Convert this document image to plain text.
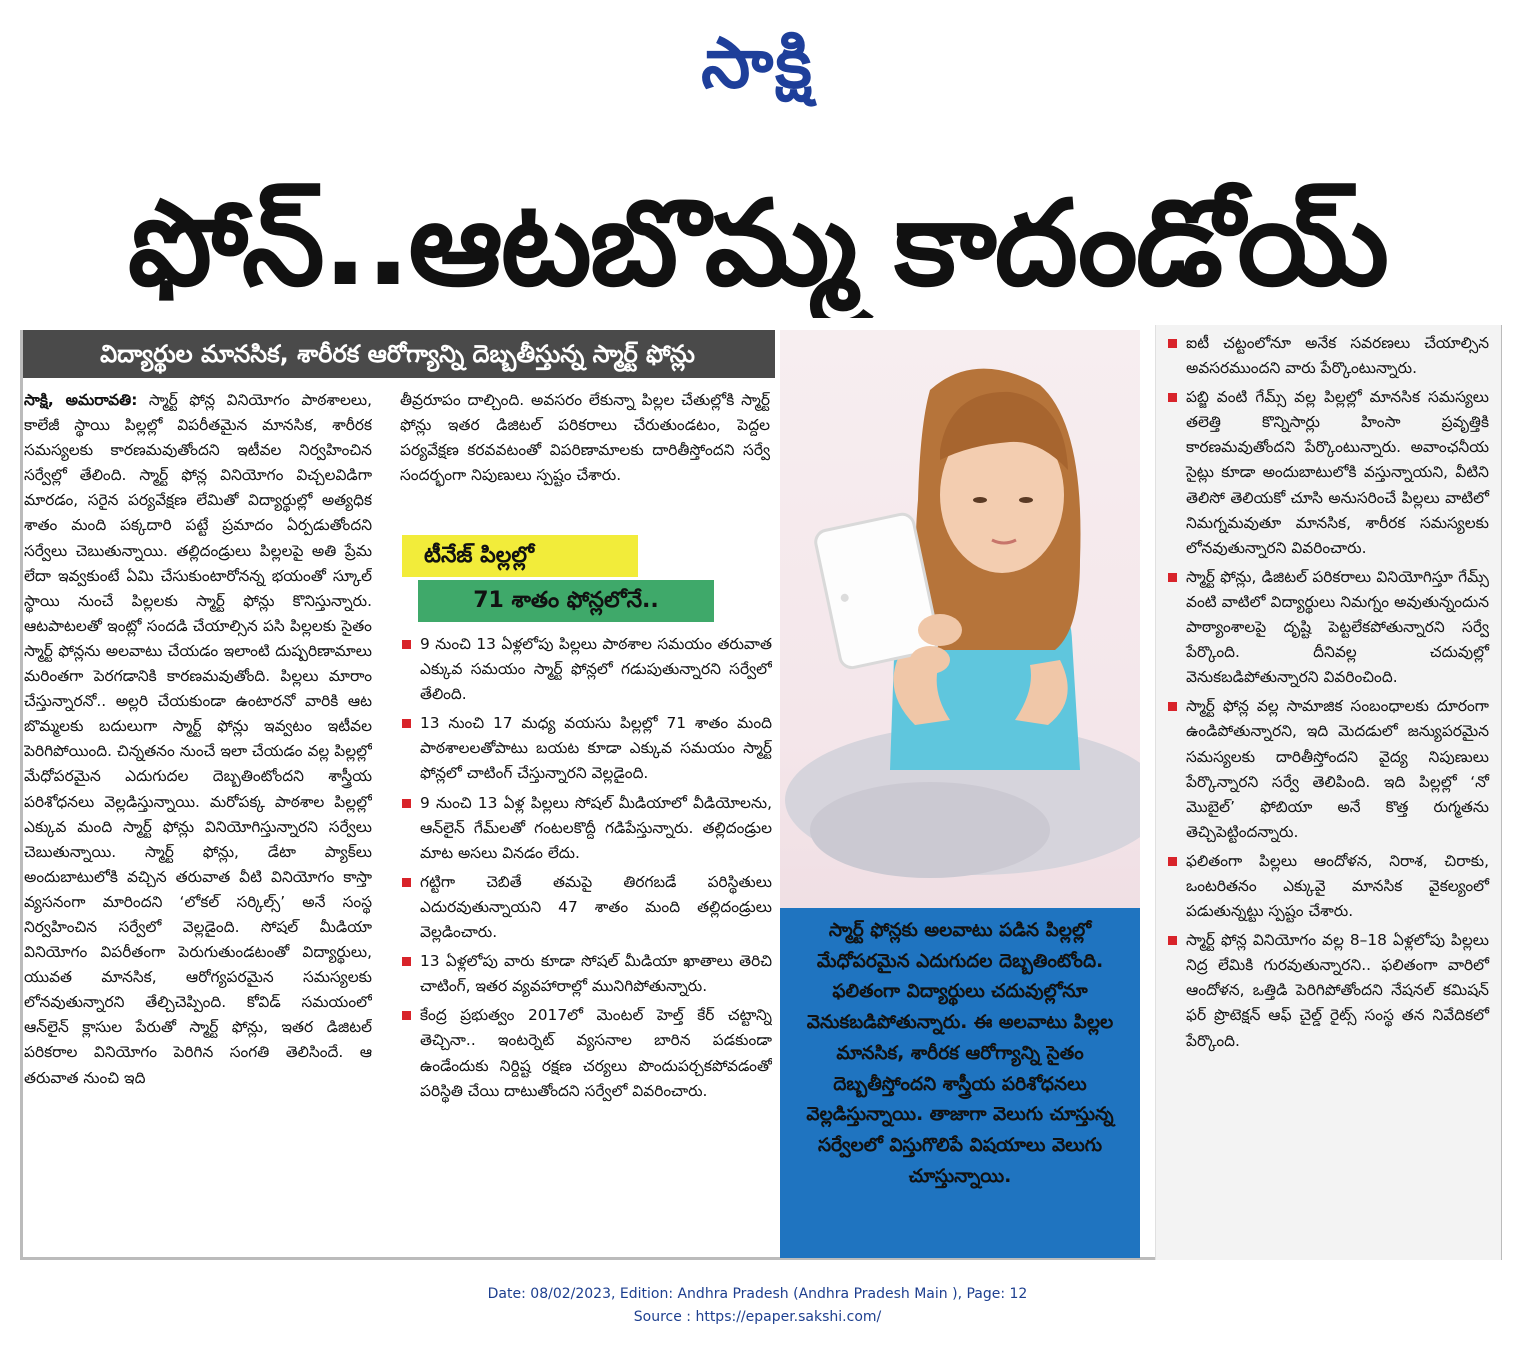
సాక్షి
ఫోన్‌..ఆటబొమ్మ కాదండోయ్‌
విద్యార్థుల మానసిక, శారీరక ఆరోగ్యాన్ని దెబ్బతీస్తున్న స్మార్ట్‌ ఫోన్లు
సాక్షి, అమరావతి: స్మార్ట్‌ ఫోన్ల వినియోగం పాఠశాలలు, కాలేజీ స్థాయి పిల్లల్లో విపరీతమైన మానసిక, శారీరక సమస్యలకు కారణమవుతోందని ఇటీవల నిర్వహించిన సర్వేల్లో తేలింది. స్మార్ట్‌ ఫోన్ల వినియోగం విచ్చలవిడిగా మారడం, సరైన పర్యవేక్షణ లేమితో విద్యార్థుల్లో అత్యధిక శాతం మంది పక్కదారి పట్టే ప్రమాదం ఏర్పడుతోందని సర్వేలు చెబుతున్నాయి. తల్లిదండ్రులు పిల్లలపై అతి ప్రేమ లేదా ఇవ్వకుంటే ఏమి చేసుకుంటారోనన్న భయంతో స్కూల్‌ స్థాయి నుంచే పిల్లలకు స్మార్ట్‌ ఫోన్లు కొనిస్తున్నారు. ఆటపాటలతో ఇంట్లో సందడి చేయాల్సిన పసి పిల్లలకు సైతం స్మార్ట్‌ ఫోన్లను అలవాటు చేయడం ఇలాంటి దుష్పరిణామాలు మరింతగా పెరగడానికి కారణమవుతోంది. పిల్లలు మారాం చేస్తున్నారనో.. అల్లరి చేయకుండా ఉంటారనో వారికి ఆట బొమ్మలకు బదులుగా స్మార్ట్‌ ఫోన్లు ఇవ్వటం ఇటీవల పెరిగిపోయింది. చిన్నతనం నుంచే ఇలా చేయడం వల్ల పిల్లల్లో మేధోపరమైన ఎదుగుదల దెబ్బతింటోందని శాస్త్రీయ పరిశోధనలు వెల్లడిస్తున్నాయి. మరోపక్క పాఠశాల పిల్లల్లో ఎక్కువ మంది స్మార్ట్‌ ఫోన్లు వినియోగిస్తున్నారని సర్వేలు చెబుతున్నాయి. స్మార్ట్‌ ఫోన్లు, డేటా ప్యాక్‌లు అందుబాటులోకి వచ్చిన తరువాత వీటి వినియోగం కాస్తా వ్యసనంగా మారిందని ‘లోకల్‌ సర్కిల్స్‌’ అనే సంస్థ నిర్వహించిన సర్వేలో వెల్లడైంది. సోషల్‌ మీడియా వినియోగం విపరీతంగా పెరుగుతుండటంతో విద్యార్థులు, యువత మానసిక, ఆరోగ్యపరమైన సమస్యలకు లోనవుతున్నారని తేల్చిచెప్పింది. కోవిడ్‌ సమయంలో ఆన్‌లైన్‌ క్లాసుల పేరుతో స్మార్ట్‌ ఫోన్లు, ఇతర డిజిటల్‌ పరికరాల వినియోగం పెరిగిన సంగతి తెలిసిందే. ఆ తరువాత నుంచి ఇది
తీవ్రరూపం దాల్చింది. అవసరం లేకున్నా పిల్లల చేతుల్లోకి స్మార్ట్‌ ఫోన్లు ఇతర డిజిటల్‌ పరికరాలు చేరుతుండటం, పెద్దల పర్యవేక్షణ కరవవటంతో విపరిణామాలకు దారితీస్తోందని సర్వే సందర్భంగా నిపుణులు స్పష్టం చేశారు.
టీనేజ్‌ పిల్లల్లో
71 శాతం ఫోన్లలోనే..
9 నుంచి 13 ఏళ్లలోపు పిల్లలు పాఠశాల సమయం తరువాత ఎక్కువ సమయం స్మార్ట్‌ ఫోన్లలో గడుపుతున్నారని సర్వేలో తేలింది.
13 నుంచి 17 మధ్య వయసు పిల్లల్లో 71 శాతం మంది పాఠశాలలతోపాటు బయట కూడా ఎక్కువ సమయం స్మార్ట్‌ ఫోన్లలో చాటింగ్‌ చేస్తున్నారని వెల్లడైంది.
9 నుంచి 13 ఏళ్ల పిల్లలు సోషల్‌ మీడియాలో వీడియోలను, ఆన్‌లైన్‌ గేమ్‌లతో గంటలకొద్దీ గడిపేస్తున్నారు. తల్లిదండ్రుల మాట అసలు వినడం లేదు.
గట్టిగా చెబితే తమపై తిరగబడే పరిస్థితులు ఎదురవుతున్నాయని 47 శాతం మంది తల్లిదండ్రులు వెల్లడించారు.
13 ఏళ్లలోపు వారు కూడా సోషల్‌ మీడియా ఖాతాలు తెరిచి చాటింగ్‌, ఇతర వ్యవహారాల్లో మునిగిపోతున్నారు.
కేంద్ర ప్రభుత్వం 2017లో మెంటల్‌ హెల్త్‌ కేర్‌ చట్టాన్ని తెచ్చినా.. ఇంటర్నెట్‌ వ్యసనాల బారిన పడకుండా ఉండేందుకు నిర్దిష్ట రక్షణ చర్యలు పొందుపర్చకపోవడంతో పరిస్థితి చేయి దాటుతోందని సర్వేలో వివరించారు.
స్మార్ట్‌ ఫోన్లకు అలవాటు పడిన పిల్లల్లో మేధోపరమైన ఎదుగుదల దెబ్బతింటోంది. ఫలితంగా విద్యార్థులు చదువుల్లోనూ వెనుకబడిపోతున్నారు. ఈ అలవాటు పిల్లల మానసిక, శారీరక ఆరోగ్యాన్ని సైతం దెబ్బతీస్తోందని శాస్త్రీయ పరిశోధనలు వెల్లడిస్తున్నాయి. తాజాగా వెలుగు చూస్తున్న సర్వేలలో విస్తుగొలిపే విషయాలు వెలుగు చూస్తున్నాయి.
ఐటీ చట్టంలోనూ అనేక సవరణలు చేయాల్సిన అవసరముందని వారు పేర్కొంటున్నారు.
పబ్జి వంటి గేమ్స్‌ వల్ల పిల్లల్లో మానసిక సమస్యలు తలెత్తి కొన్నిసార్లు హింసా ప్రవృత్తికి కారణమవుతోందని పేర్కొంటున్నారు. అవాంఛనీయ సైట్లు కూడా అందుబాటులోకి వస్తున్నాయని, వీటిని తెలిసో తెలియకో చూసి అనుసరించే పిల్లలు వాటిలో నిమగ్నమవుతూ మానసిక, శారీరక సమస్యలకు లోనవుతున్నారని వివరించారు.
స్మార్ట్‌ ఫోన్లు, డిజిటల్‌ పరికరాలు వినియోగిస్తూ గేమ్స్‌ వంటి వాటిలో విద్యార్థులు నిమగ్నం అవుతున్నందున పాఠ్యాంశాలపై దృష్టి పెట్టలేకపోతున్నారని సర్వే పేర్కొంది. దీనివల్ల చదువుల్లో వెనుకబడిపోతున్నారని వివరించింది.
స్మార్ట్‌ ఫోన్ల వల్ల సామాజిక సంబంధాలకు దూరంగా ఉండిపోతున్నారని, ఇది మెదడులో జన్యుపరమైన సమస్యలకు దారితీస్తోందని వైద్య నిపుణులు పేర్కొన్నారని సర్వే తెలిపింది. ఇది పిల్లల్లో ‘నో మొబైల్‌’ ఫోబియా అనే కొత్త రుగ్మతను తెచ్చిపెట్టిందన్నారు.
ఫలితంగా పిల్లలు ఆందోళన, నిరాశ, చిరాకు, ఒంటరితనం ఎక్కువై మానసిక వైకల్యంలో పడుతున్నట్టు స్పష్టం చేశారు.
స్మార్ట్‌ ఫోన్ల వినియోగం వల్ల 8–18 ఏళ్లలోపు పిల్లలు నిద్ర లేమికి గురవుతున్నారని.. ఫలితంగా వారిలో ఆందోళన, ఒత్తిడి పెరిగిపోతోందని నేషనల్‌ కమిషన్‌ ఫర్‌ ప్రొటెక్షన్‌ ఆఫ్‌ చైల్డ్‌ రైట్స్‌ సంస్థ తన నివేదికలో పేర్కొంది.
Date: 08/02/2023, Edition: Andhra Pradesh (Andhra Pradesh Main ), Page: 12
Source : https://epaper.sakshi.com/
